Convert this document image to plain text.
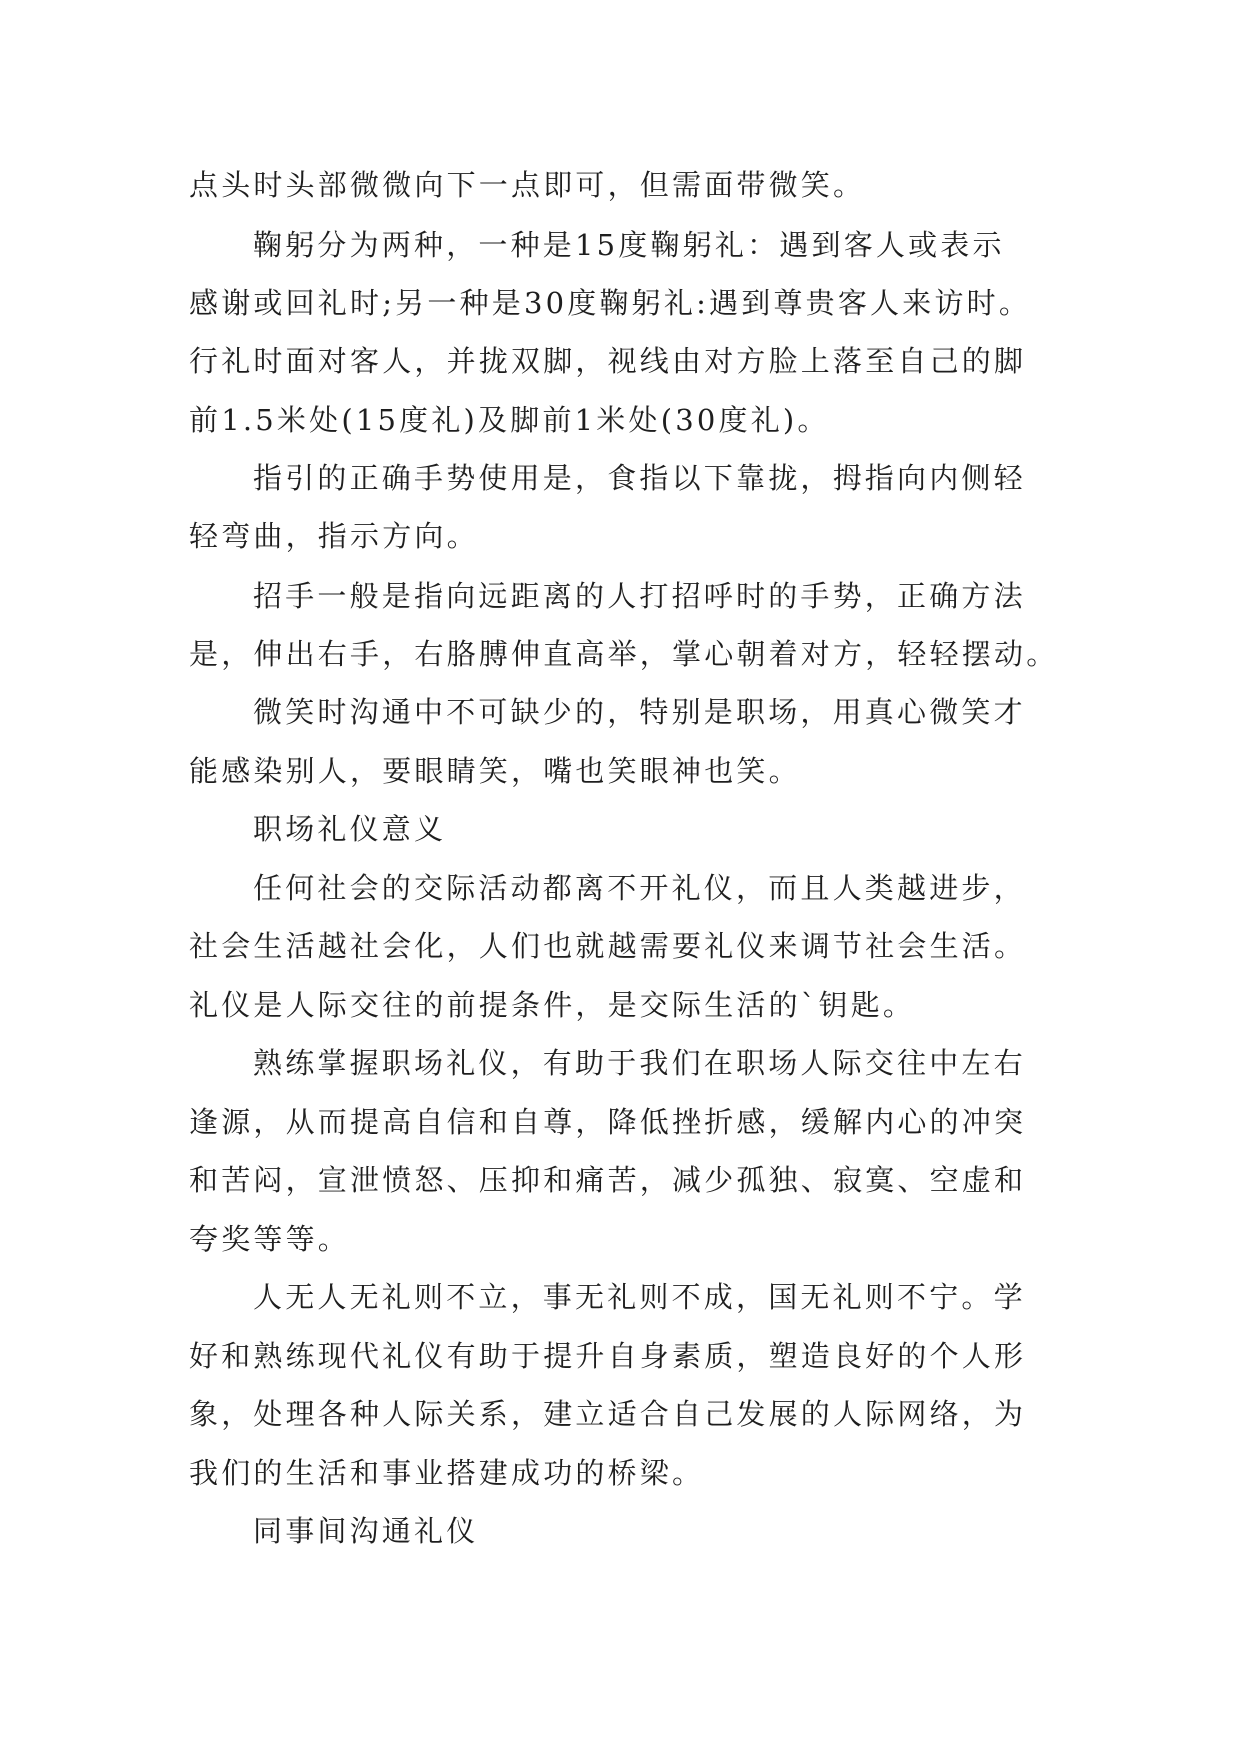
点头时头部微微向下一点即可，但需面带微笑。
鞠躬分为两种，一种是15度鞠躬礼：遇到客人或表示
感谢或回礼时;另一种是30度鞠躬礼:遇到尊贵客人来访时。
行礼时面对客人，并拢双脚，视线由对方脸上落至自己的脚
前1.5米处(15度礼)及脚前1米处(30度礼)。
指引的正确手势使用是，食指以下靠拢，拇指向内侧轻
轻弯曲，指示方向。
招手一般是指向远距离的人打招呼时的手势，正确方法
是，伸出右手，右胳膊伸直高举，掌心朝着对方，轻轻摆动。
微笑时沟通中不可缺少的，特别是职场，用真心微笑才
能感染别人，要眼睛笑，嘴也笑眼神也笑。
职场礼仪意义
任何社会的交际活动都离不开礼仪，而且人类越进步，
社会生活越社会化，人们也就越需要礼仪来调节社会生活。
礼仪是人际交往的前提条件，是交际生活的`钥匙。
熟练掌握职场礼仪，有助于我们在职场人际交往中左右
逢源，从而提高自信和自尊，降低挫折感，缓解内心的冲突
和苦闷，宣泄愤怒、压抑和痛苦，减少孤独、寂寞、空虚和
夸奖等等。
人无人无礼则不立，事无礼则不成，国无礼则不宁。学
好和熟练现代礼仪有助于提升自身素质，塑造良好的个人形
象，处理各种人际关系，建立适合自己发展的人际网络，为
我们的生活和事业搭建成功的桥梁。
同事间沟通礼仪
